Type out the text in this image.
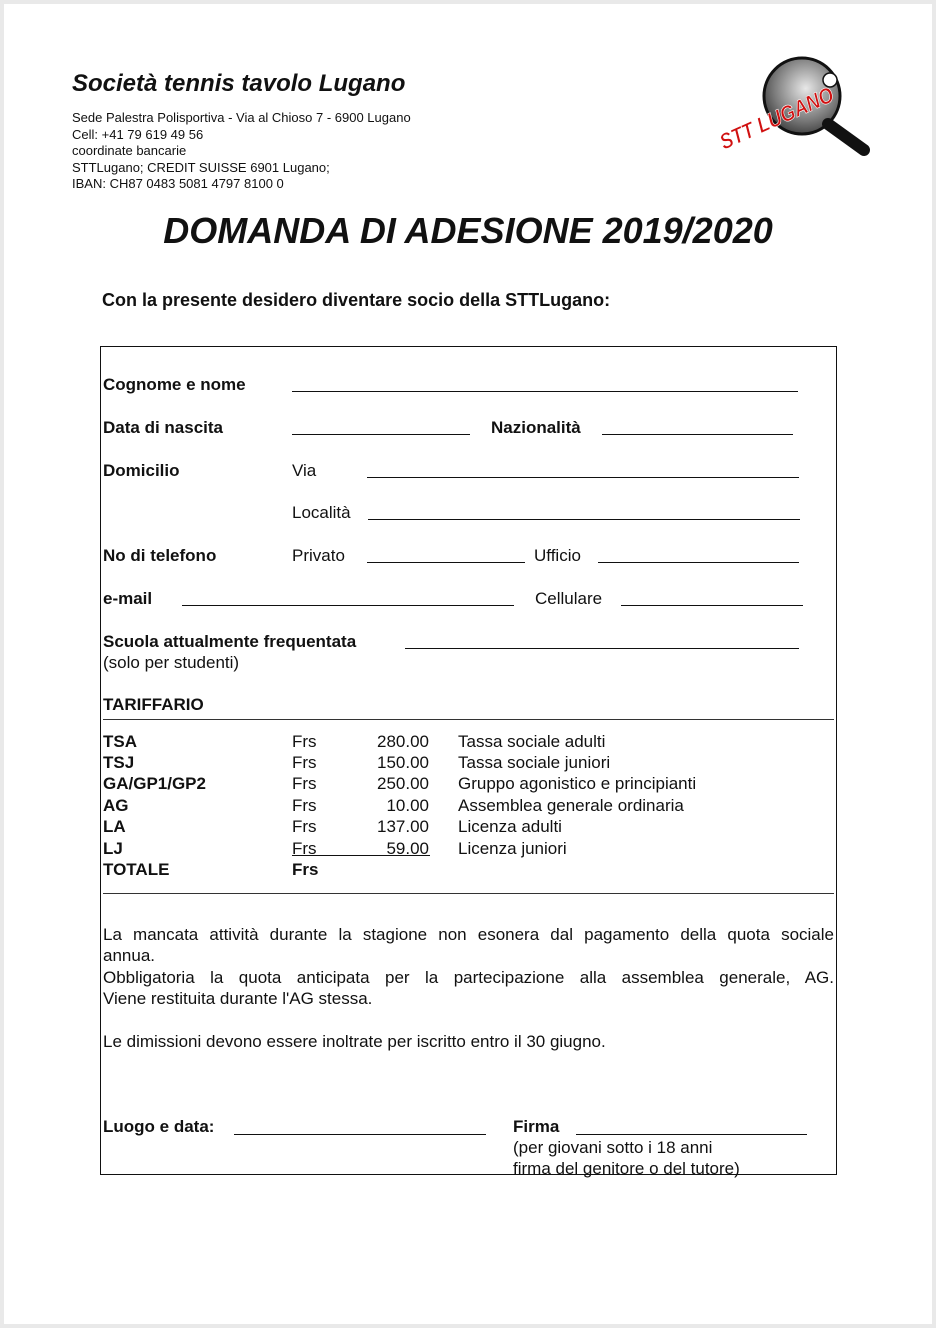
Società tennis tavolo Lugano
Sede Palestra Polisportiva - Via al Chioso 7 - 6900 Lugano
Cell: +41 79 619 49 56
coordinate bancarie
STTLugano; CREDIT SUISSE 6901 Lugano;
IBAN: CH87 0483 5081 4797 8100 0
STT LUGANO
DOMANDA DI ADESIONE 2019/2020
Con la presente desidero diventare socio della STTLugano:
Cognome e nome
Data di nascita	Nazionalità
Domicilio	Via
Località
No di telefono	Privato	Ufficio
e-mail	Cellulare
Scuola attualmente frequentata
(solo per studenti)
TARIFFARIO
TSA	Frs	280.00 Tassa sociale adulti
TSJ	Frs	150.00 Tassa sociale juniori
GA/GP1/GP2	Frs	250.00 Gruppo agonistico e principianti
AG	Frs	10.00 Assemblea generale ordinaria
LA	Frs	137.00 Licenza adulti
LJ	Frs	59.00 Licenza juniori
TOTALE	Frs
La mancata attività durante la stagione non esonera dal pagamento della quota sociale
annua.
Obbligatoria la quota anticipata per la partecipazione alla assemblea generale, AG.
Viene restituita durante l'AG stessa.
Le dimissioni devono essere inoltrate per iscritto entro il 30 giugno.
Luogo e data:	Firma
(per giovani sotto i 18 anni
firma del genitore o del tutore)
